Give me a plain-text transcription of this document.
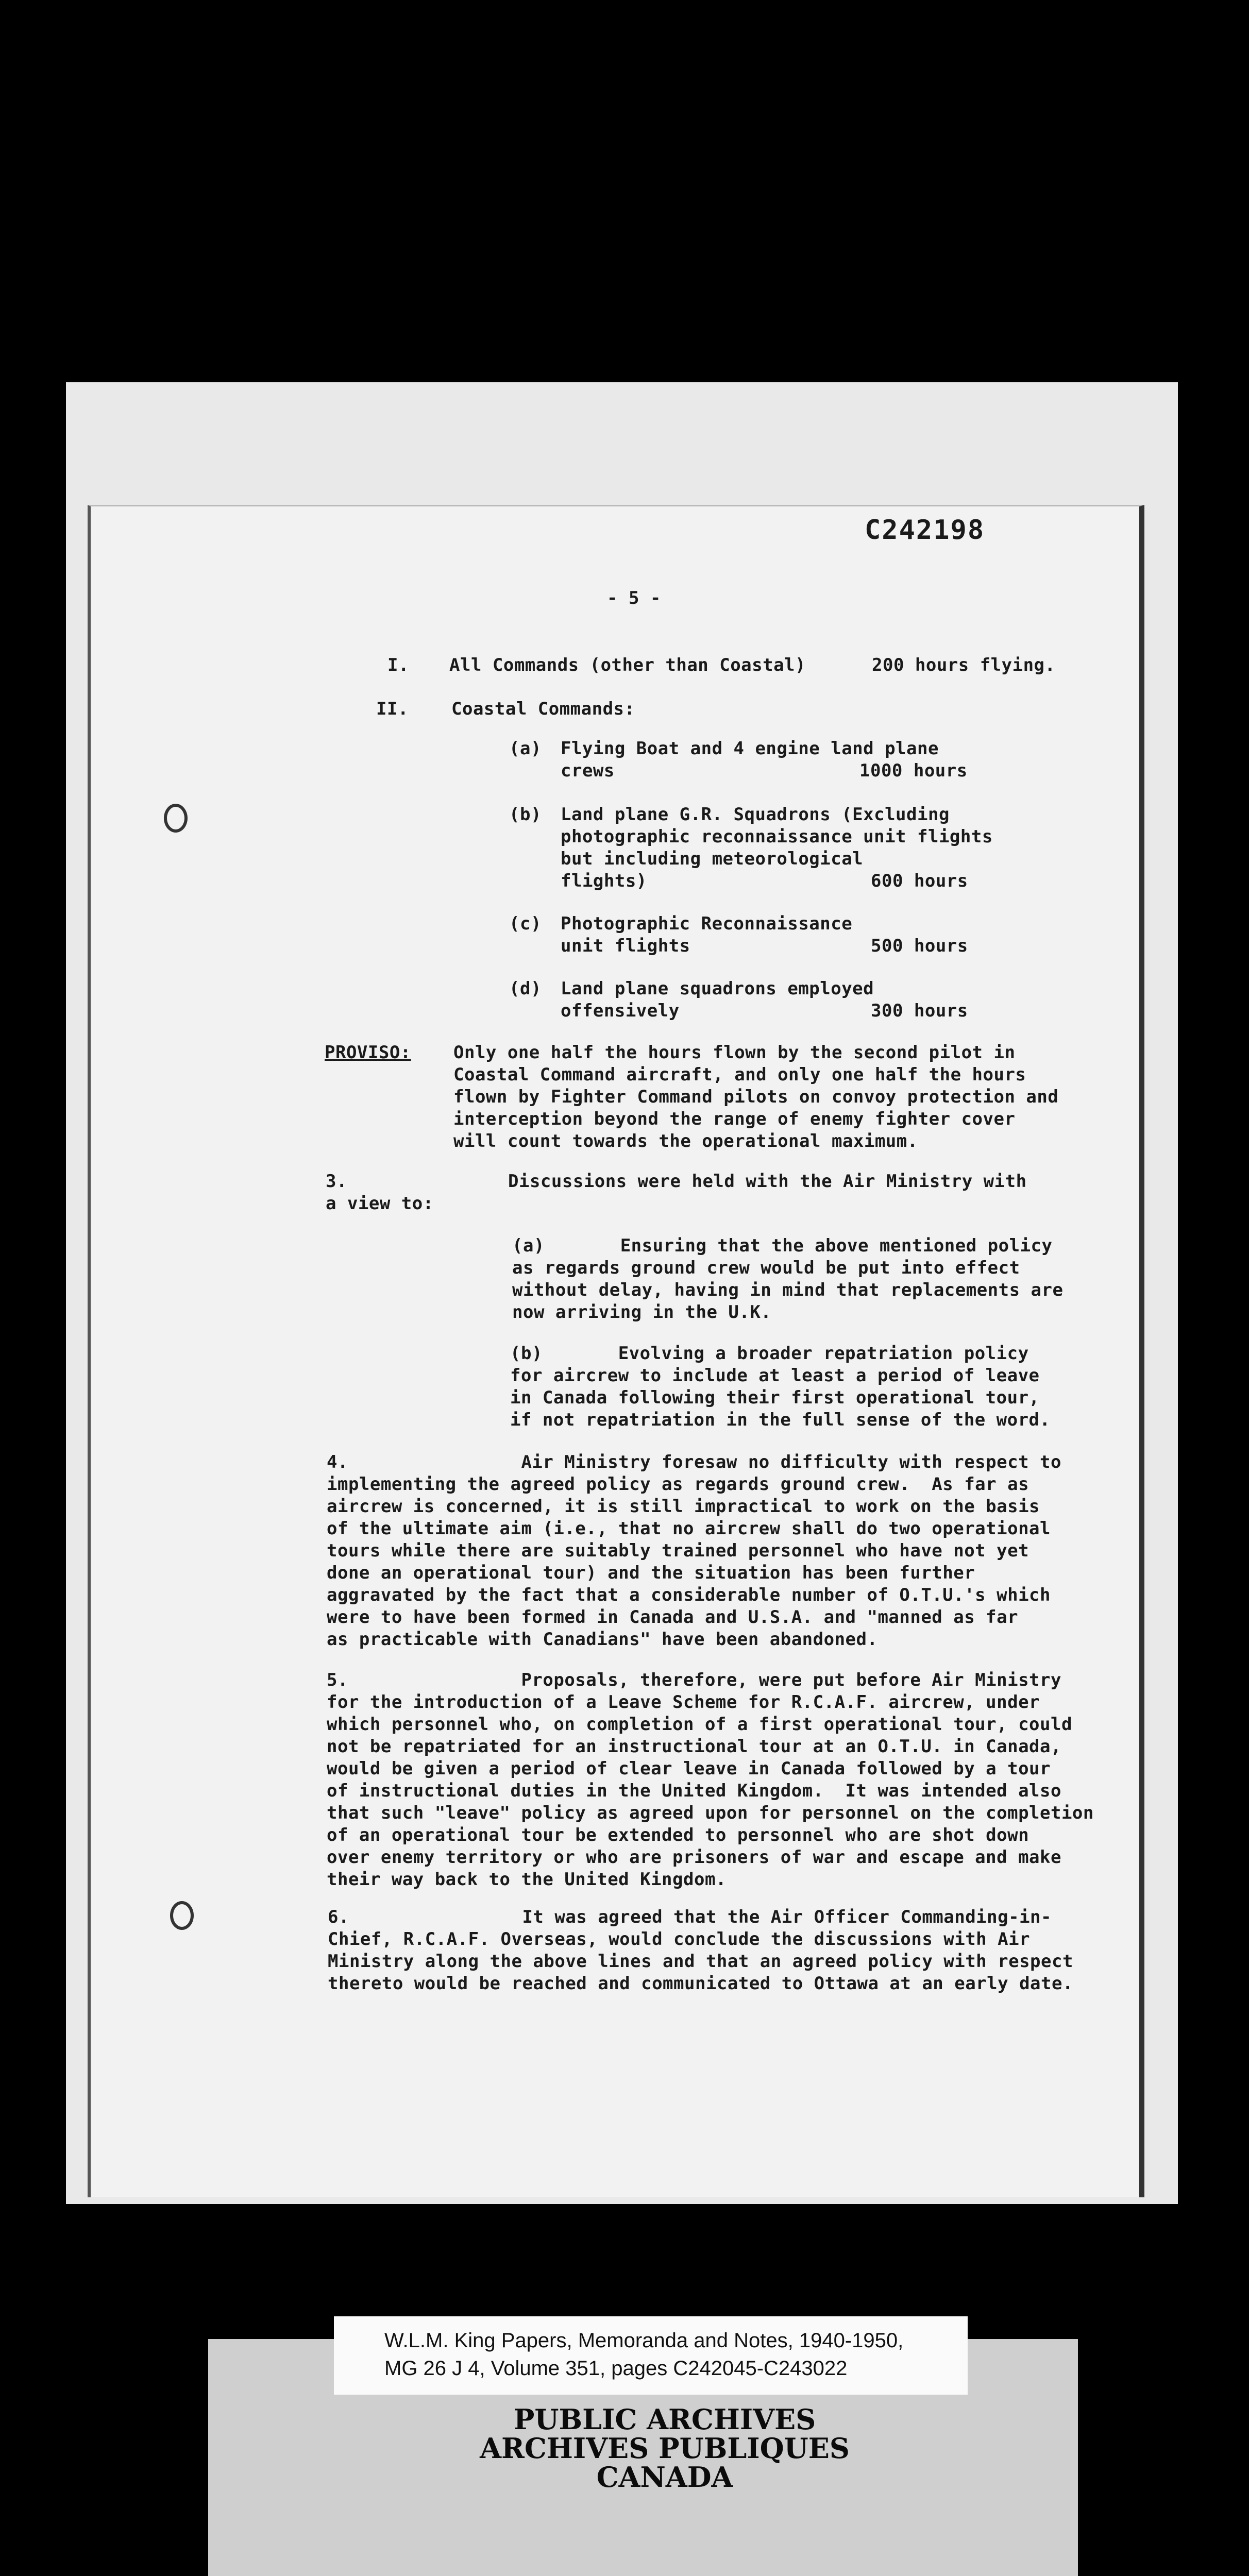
C242198
- 5 -
I. All Commands (other than Coastal)	200 hours flying.
II. Coastal Commands:
(a) Flying Boat and 4 engine land plane
crews	1000 hours
(b) Land plane G.R. Squadrons (Excluding
photographic reconnaissance unit flights
but including meteorological
flights)	600 hours
(c) Photographic Reconnaissance
unit flights	500 hours
(d) Land plane squadrons employed
offensively	300 hours
PROVISO: Only one half the hours flown by the second pilot in
Coastal Command aircraft, and only one half the hours
flown by Fighter Command pilots on convoy protection and
interception beyond the range of enemy fighter cover
will count towards the operational maximum.
3.	Discussions were held with the Air Ministry with
a view to:
(a)       Ensuring that the above mentioned policy
as regards ground crew would be put into effect
without delay, having in mind that replacements are
now arriving in the U.K.
(b)       Evolving a broader repatriation policy
for aircrew to include at least a period of leave
in Canada following their first operational tour,
if not repatriation in the full sense of the word.
4.                Air Ministry foresaw no difficulty with respect to
implementing the agreed policy as regards ground crew.  As far as
aircrew is concerned, it is still impractical to work on the basis
of the ultimate aim (i.e., that no aircrew shall do two operational
tours while there are suitably trained personnel who have not yet
done an operational tour) and the situation has been further
aggravated by the fact that a considerable number of O.T.U.'s which
were to have been formed in Canada and U.S.A. and "manned as far
as practicable with Canadians" have been abandoned.
5.                Proposals, therefore, were put before Air Ministry
for the introduction of a Leave Scheme for R.C.A.F. aircrew, under
which personnel who, on completion of a first operational tour, could
not be repatriated for an instructional tour at an O.T.U. in Canada,
would be given a period of clear leave in Canada followed by a tour
of instructional duties in the United Kingdom.  It was intended also
that such "leave" policy as agreed upon for personnel on the completion
of an operational tour be extended to personnel who are shot down
over enemy territory or who are prisoners of war and escape and make
their way back to the United Kingdom.
6.                It was agreed that the Air Officer Commanding-in-
Chief, R.C.A.F. Overseas, would conclude the discussions with Air
Ministry along the above lines and that an agreed policy with respect
thereto would be reached and communicated to Ottawa at an early date.
W.L.M. King Papers, Memoranda and Notes, 1940-1950,
MG 26 J 4, Volume 351, pages C242045-C243022
PUBLIC ARCHIVES
ARCHIVES PUBLIQUES
CANADA
